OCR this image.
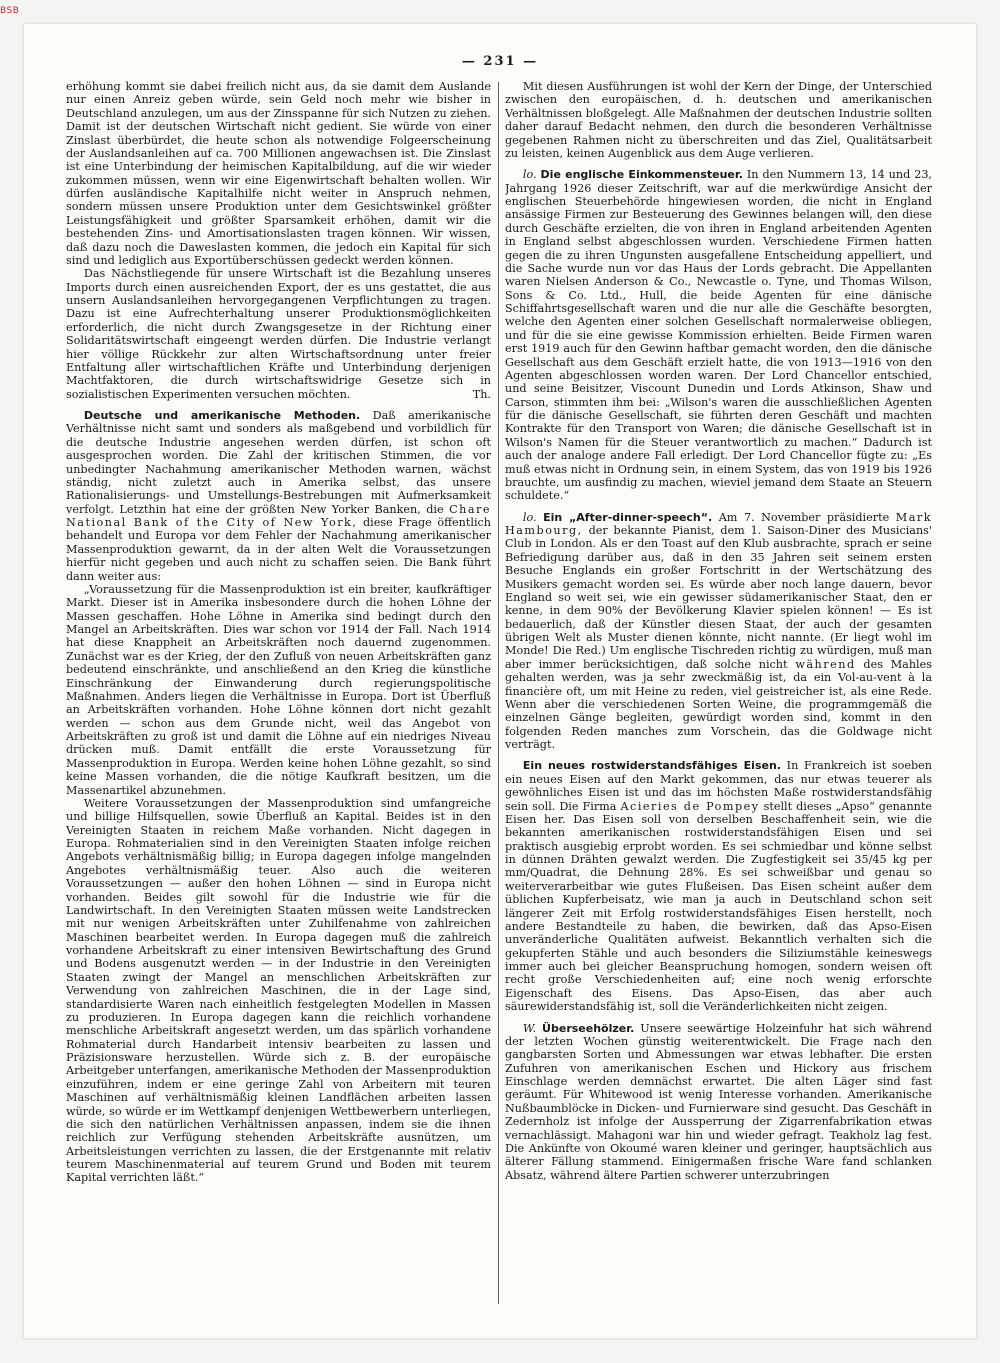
BSB
— 231 —

erhöhung kommt sie dabei freilich nicht aus, da sie damit dem Auslande nur einen Anreiz geben würde, sein Geld noch mehr wie bisher in Deutschland anzulegen, um aus der Zinsspanne für sich Nutzen zu ziehen. Damit ist der deutschen Wirtschaft nicht gedient. Sie würde von einer Zinslast überbürdet, die heute schon als notwendige Folgeerscheinung der Auslandsanleihen auf ca. 700 Millionen angewachsen ist. Die Zinslast ist eine Unterbindung der heimischen Kapitalbildung, auf die wir wieder zukommen müssen, wenn wir eine Eigenwirtschaft behalten wollen. Wir dürfen ausländische Kapitalhilfe nicht weiter in Anspruch nehmen, sondern müssen unsere Produktion unter dem Gesichtswinkel größter Leistungsfähigkeit und größter Sparsamkeit erhöhen, damit wir die bestehenden Zins- und Amortisationslasten tragen können. Wir wissen, daß dazu noch die Daweslasten kommen, die jedoch ein Kapital für sich sind und lediglich aus Exportüberschüssen gedeckt werden können.

Das Nächstliegende für unsere Wirtschaft ist die Bezahlung unseres Imports durch einen ausreichenden Export, der es uns gestattet, die aus unsern Auslandsanleihen hervorgegangenen Verpflichtungen zu tragen. Dazu ist eine Aufrechterhaltung unserer Produktionsmöglichkeiten erforderlich, die nicht durch Zwangsgesetze in der Richtung einer Solidaritätswirtschaft eingeengt werden dürfen. Die Industrie verlangt hier völlige Rückkehr zur alten Wirtschaftsordnung unter freier Entfaltung aller wirtschaftlichen Kräfte und Unterbindung derjenigen Machtfaktoren, die durch wirtschaftswidrige Gesetze sich in sozialistischen Experimenten versuchen möchten.	Th.

Deutsche und amerikanische Methoden. Daß amerikanische Verhältnisse nicht samt und sonders als maßgebend und vorbildlich für die deutsche Industrie angesehen werden dürfen, ist schon oft ausgesprochen worden. Die Zahl der kritischen Stimmen, die vor unbedingter Nachahmung amerikanischer Methoden warnen, wächst ständig, nicht zuletzt auch in Amerika selbst, das unsere Rationalisierungs- und Umstellungs-Bestrebungen mit Aufmerksamkeit verfolgt. Letzthin hat eine der größten New Yorker Banken, die Chare National Bank of the City of New York, diese Frage öffentlich behandelt und Europa vor dem Fehler der Nachahmung amerikanischer Massenproduktion gewarnt, da in der alten Welt die Voraussetzungen hierfür nicht gegeben und auch nicht zu schaffen seien. Die Bank führt dann weiter aus:

„Voraussetzung für die Massenproduktion ist ein breiter, kaufkräftiger Markt. Dieser ist in Amerika insbesondere durch die hohen Löhne der Massen geschaffen. Hohe Löhne in Amerika sind bedingt durch den Mangel an Arbeitskräften. Dies war schon vor 1914 der Fall. Nach 1914 hat diese Knappheit an Arbeitskräften noch dauernd zugenommen. Zunächst war es der Krieg, der den Zufluß von neuen Arbeitskräften ganz bedeutend einschränkte, und anschließend an den Krieg die künstliche Einschränkung der Einwanderung durch regierungspolitische Maßnahmen. Anders liegen die Verhältnisse in Europa. Dort ist Überfluß an Arbeitskräften vorhanden. Hohe Löhne können dort nicht gezahlt werden — schon aus dem Grunde nicht, weil das Angebot von Arbeitskräften zu groß ist und damit die Löhne auf ein niedriges Niveau drücken muß. Damit entfällt die erste Voraussetzung für Massenproduktion in Europa. Werden keine hohen Löhne gezahlt, so sind keine Massen vorhanden, die die nötige Kaufkraft besitzen, um die Massenartikel abzunehmen.

Weitere Voraussetzungen der Massenproduktion sind umfangreiche und billige Hilfsquellen, sowie Überfluß an Kapital. Beides ist in den Vereinigten Staaten in reichem Maße vorhanden. Nicht dagegen in Europa. Rohmaterialien sind in den Vereinigten Staaten infolge reichen Angebots verhältnismäßig billig; in Europa dagegen infolge mangelnden Angebotes verhältnismäßig teuer. Also auch die weiteren Voraussetzungen — außer den hohen Löhnen — sind in Europa nicht vorhanden. Beides gilt sowohl für die Industrie wie für die Landwirtschaft. In den Vereinigten Staaten müssen weite Landstrecken mit nur wenigen Arbeitskräften unter Zuhilfenahme von zahlreichen Maschinen bearbeitet werden. In Europa dagegen muß die zahlreich vorhandene Arbeitskraft zu einer intensiven Bewirtschaftung des Grund und Bodens ausgenutzt werden — in der Industrie in den Vereinigten Staaten zwingt der Mangel an menschlichen Arbeitskräften zur Verwendung von zahlreichen Maschinen, die in der Lage sind, standardisierte Waren nach einheitlich festgelegten Modellen in Massen zu produzieren. In Europa dagegen kann die reichlich vorhandene menschliche Arbeitskraft angesetzt werden, um das spärlich vorhandene Rohmaterial durch Handarbeit intensiv bearbeiten zu lassen und Präzisionsware herzustellen. Würde sich z. B. der europäische Arbeitgeber unterfangen, amerikanische Methoden der Massenproduktion einzuführen, indem er eine geringe Zahl von Arbeitern mit teuren Maschinen auf verhältnismäßig kleinen Landflächen arbeiten lassen würde, so würde er im Wettkampf denjenigen Wettbewerbern unterliegen, die sich den natürlichen Verhältnissen anpassen, indem sie die ihnen reichlich zur Verfügung stehenden Arbeitskräfte ausnützen, um Arbeitsleistungen verrichten zu lassen, die der Erstgenannte mit relativ teurem Maschinenmaterial auf teurem Grund und Boden mit teurem Kapital verrichten läßt.“

Mit diesen Ausführungen ist wohl der Kern der Dinge, der Unterschied zwischen den europäischen, d. h. deutschen und amerikanischen Verhältnissen bloßgelegt. Alle Maßnahmen der deutschen Industrie sollten daher darauf Bedacht nehmen, den durch die besonderen Verhältnisse gegebenen Rahmen nicht zu überschreiten und das Ziel, Qualitätsarbeit zu leisten, keinen Augenblick aus dem Auge verlieren.

lo. Die englische Einkommensteuer. In den Nummern 13, 14 und 23, Jahrgang 1926 dieser Zeitschrift, war auf die merkwürdige Ansicht der englischen Steuerbehörde hingewiesen worden, die nicht in England ansässige Firmen zur Besteuerung des Gewinnes belangen will, den diese durch Geschäfte erzielten, die von ihren in England arbeitenden Agenten in England selbst abgeschlossen wurden. Verschiedene Firmen hatten gegen die zu ihren Ungunsten ausgefallene Entscheidung appelliert, und die Sache wurde nun vor das Haus der Lords gebracht. Die Appellanten waren Nielsen Anderson & Co., Newcastle o. Tyne, und Thomas Wilson, Sons & Co. Ltd., Hull, die beide Agenten für eine dänische Schiffahrtsgesellschaft waren und die nur alle die Geschäfte besorgten, welche den Agenten einer solchen Gesellschaft normalerweise obliegen, und für die sie eine gewisse Kommission erhielten. Beide Firmen waren erst 1919 auch für den Gewinn haftbar gemacht worden, den die dänische Gesellschaft aus dem Geschäft erzielt hatte, die von 1913—1916 von den Agenten abgeschlossen worden waren. Der Lord Chancellor entschied, und seine Beisitzer, Viscount Dunedin und Lords Atkinson, Shaw und Carson, stimmten ihm bei: „Wilson's waren die ausschließlichen Agenten für die dänische Gesellschaft, sie führten deren Geschäft und machten Kontrakte für den Transport von Waren; die dänische Gesellschaft ist in Wilson's Namen für die Steuer verantwortlich zu machen.“ Dadurch ist auch der analoge andere Fall erledigt. Der Lord Chancellor fügte zu: „Es muß etwas nicht in Ordnung sein, in einem System, das von 1919 bis 1926 brauchte, um ausfindig zu machen, wieviel jemand dem Staate an Steuern schuldete.“

lo. Ein „After-dinner-speech“. Am 7. November präsidierte Mark Hambourg, der bekannte Pianist, dem 1. Saison-Diner des Musicians' Club in London. Als er den Toast auf den Klub ausbrachte, sprach er seine Befriedigung darüber aus, daß in den 35 Jahren seit seinem ersten Besuche Englands ein großer Fortschritt in der Wertschätzung des Musikers gemacht worden sei. Es würde aber noch lange dauern, bevor England so weit sei, wie ein gewisser südamerikanischer Staat, den er kenne, in dem 90% der Bevölkerung Klavier spielen können! — Es ist bedauerlich, daß der Künstler diesen Staat, der auch der gesamten übrigen Welt als Muster dienen könnte, nicht nannte. (Er liegt wohl im Monde! Die Red.) Um englische Tischreden richtig zu würdigen, muß man aber immer berücksichtigen, daß solche nicht während des Mahles gehalten werden, was ja sehr zweckmäßig ist, da ein Vol-au-vent à la financière oft, um mit Heine zu reden, viel geistreicher ist, als eine Rede. Wenn aber die verschiedenen Sorten Weine, die programmgemäß die einzelnen Gänge begleiten, gewürdigt worden sind, kommt in den folgenden Reden manches zum Vorschein, das die Goldwage nicht verträgt.

Ein neues rostwiderstandsfähiges Eisen. In Frankreich ist soeben ein neues Eisen auf den Markt gekommen, das nur etwas teuerer als gewöhnliches Eisen ist und das im höchsten Maße rostwiderstandsfähig sein soll. Die Firma Acieries de Pompey stellt dieses „Apso“ genannte Eisen her. Das Eisen soll von derselben Beschaffenheit sein, wie die bekannten amerikanischen rostwiderstandsfähigen Eisen und sei praktisch ausgiebig erprobt worden. Es sei schmiedbar und könne selbst in dünnen Drähten gewalzt werden. Die Zugfestigkeit sei 35/45 kg per mm/Quadrat, die Dehnung 28%. Es sei schweißbar und genau so weiterverarbeitbar wie gutes Flußeisen. Das Eisen scheint außer dem üblichen Kupferbeisatz, wie man ja auch in Deutschland schon seit längerer Zeit mit Erfolg rostwiderstandsfähiges Eisen herstellt, noch andere Bestandteile zu haben, die bewirken, daß das Apso-Eisen unveränderliche Qualitäten aufweist. Bekanntlich verhalten sich die gekupferten Stähle und auch besonders die Siliziumstähle keineswegs immer auch bei gleicher Beanspruchung homogen, sondern weisen oft recht große Verschiedenheiten auf; eine noch wenig erforschte Eigenschaft des Eisens. Das Apso-Eisen, das aber auch säurewiderstandsfähig ist, soll die Veränderlichkeiten nicht zeigen.

W. Überseehölzer. Unsere seewärtige Holzeinfuhr hat sich während der letzten Wochen günstig weiterentwickelt. Die Frage nach den gangbarsten Sorten und Abmessungen war etwas lebhafter. Die ersten Zufuhren von amerikanischen Eschen und Hickory aus frischem Einschlage werden demnächst erwartet. Die alten Läger sind fast geräumt. Für Whitewood ist wenig Interesse vorhanden. Amerikanische Nußbaumblöcke in Dicken- und Furnierware sind gesucht. Das Geschäft in Zedernholz ist infolge der Aussperrung der Zigarrenfabrikation etwas vernachlässigt. Mahagoni war hin und wieder gefragt. Teakholz lag fest. Die Ankünfte von Okoumé waren kleiner und geringer, hauptsächlich aus älterer Fällung stammend. Einigermaßen frische Ware fand schlanken Absatz, während ältere Partien schwerer unterzubringen
